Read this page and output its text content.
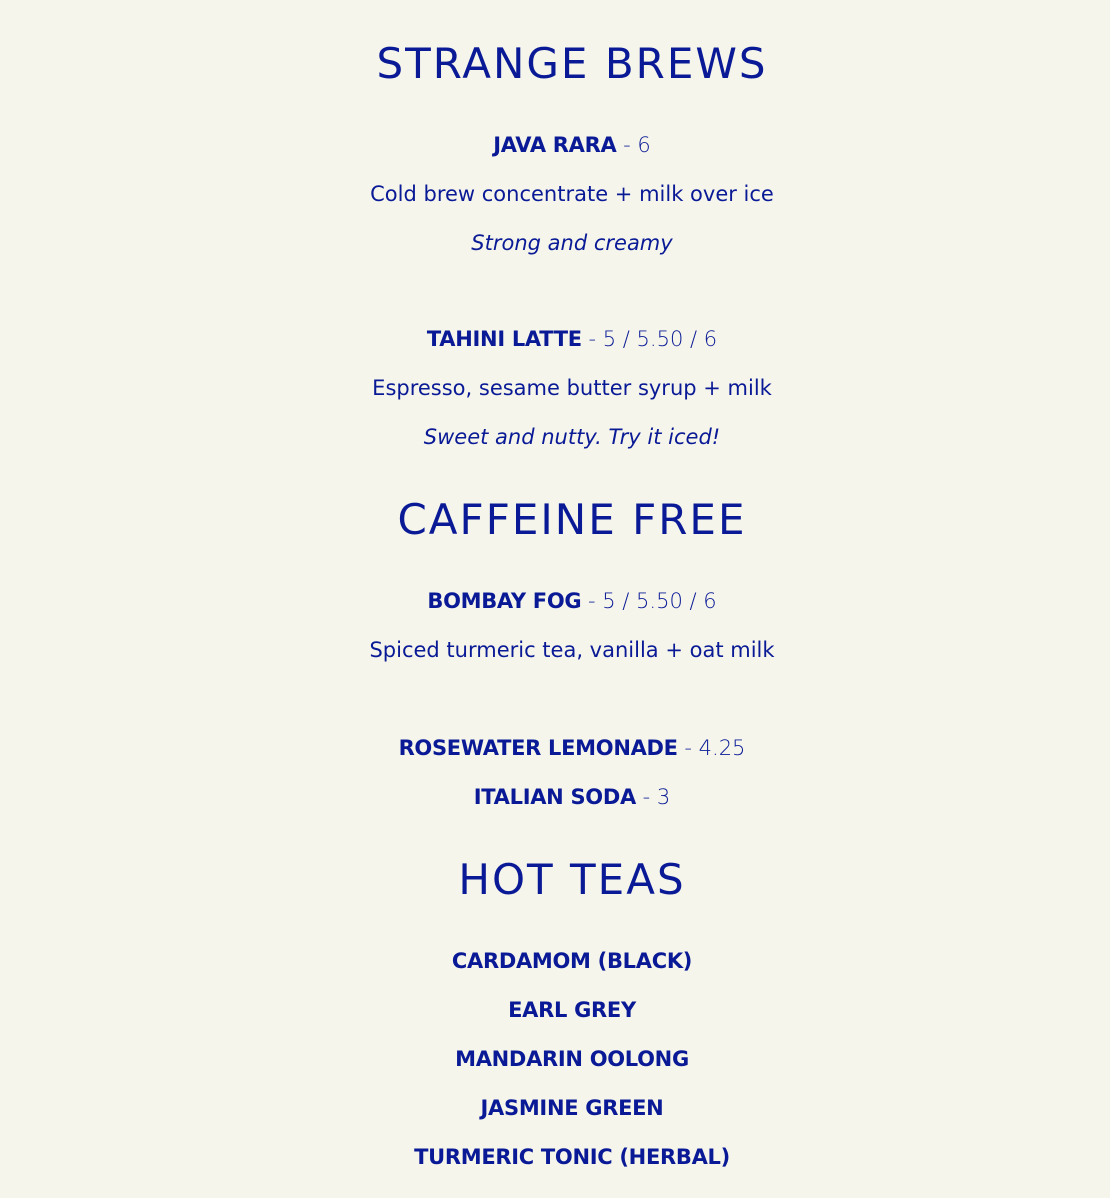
STRANGE BREWS
JAVA RARA - 6
Cold brew concentrate + milk over ice
Strong and creamy
TAHINI LATTE - 5 / 5.50 / 6
Espresso, sesame butter syrup + milk
Sweet and nutty. Try it iced!
CAFFEINE FREE
BOMBAY FOG - 5 / 5.50 / 6
Spiced turmeric tea, vanilla + oat milk
ROSEWATER LEMONADE - 4.25
ITALIAN SODA - 3
HOT TEAS
CARDAMOM (BLACK)
EARL GREY
MANDARIN OOLONG
JASMINE GREEN
TURMERIC TONIC (HERBAL)
